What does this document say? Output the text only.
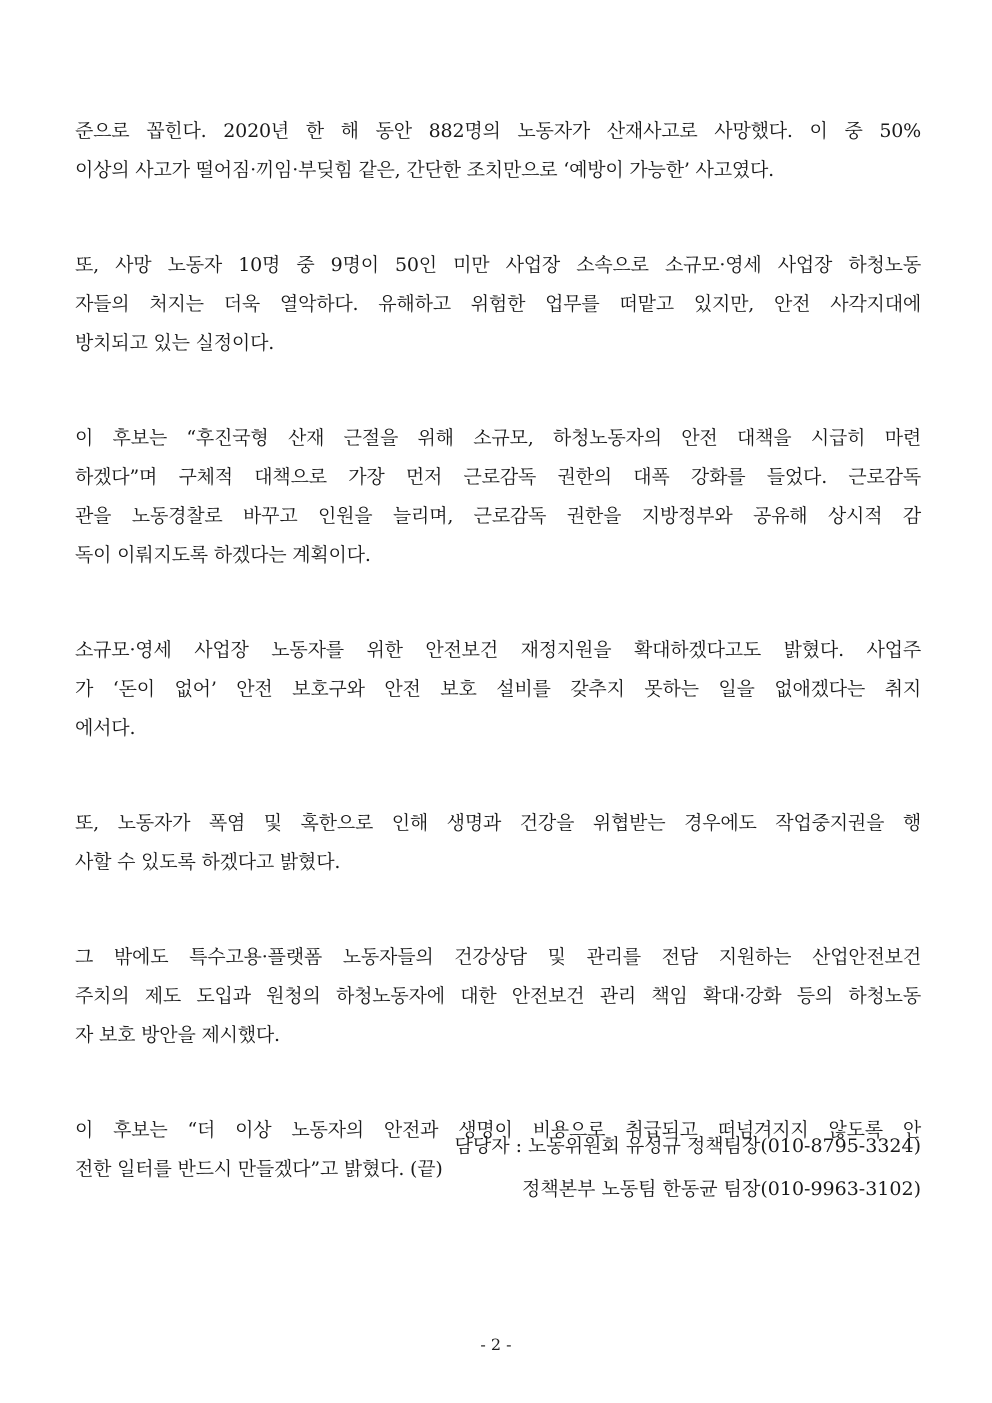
준으로 꼽힌다. 2020년 한 해 동안 882명의 노동자가 산재사고로 사망했다. 이 중 50%
이상의 사고가 떨어짐·끼임·부딪힘 같은, 간단한 조치만으로 ‘예방이 가능한’ 사고였다.

또, 사망 노동자 10명 중 9명이 50인 미만 사업장 소속으로 소규모·영세 사업장 하청노동
자들의 처지는 더욱 열악하다. 유해하고 위험한 업무를 떠맡고 있지만, 안전 사각지대에
방치되고 있는 실정이다.

이 후보는 “후진국형 산재 근절을 위해 소규모, 하청노동자의 안전 대책을 시급히 마련
하겠다”며 구체적 대책으로 가장 먼저 근로감독 권한의 대폭 강화를 들었다. 근로감독
관을 노동경찰로 바꾸고 인원을 늘리며, 근로감독 권한을 지방정부와 공유해 상시적 감
독이 이뤄지도록 하겠다는 계획이다.

소규모·영세 사업장 노동자를 위한 안전보건 재정지원을 확대하겠다고도 밝혔다. 사업주
가 ‘돈이 없어’ 안전 보호구와 안전 보호 설비를 갖추지 못하는 일을 없애겠다는 취지
에서다.

또, 노동자가 폭염 및 혹한으로 인해 생명과 건강을 위협받는 경우에도 작업중지권을 행
사할 수 있도록 하겠다고 밝혔다.

그 밖에도 특수고용·플랫폼 노동자들의 건강상담 및 관리를 전담 지원하는 산업안전보건
주치의 제도 도입과 원청의 하청노동자에 대한 안전보건 관리 책임 확대·강화 등의 하청노동
자 보호 방안을 제시했다.

이 후보는 “더 이상 노동자의 안전과 생명이 비용으로 취급되고 떠넘겨지지 않도록 안
전한 일터를 반드시 만들겠다”고 밝혔다. (끝)

담당자 : 노동위원회 유성규 정책팀장(010-8795-3324)
정책본부 노동팀 한동균 팀장(010-9963-3102)
- 2 -
